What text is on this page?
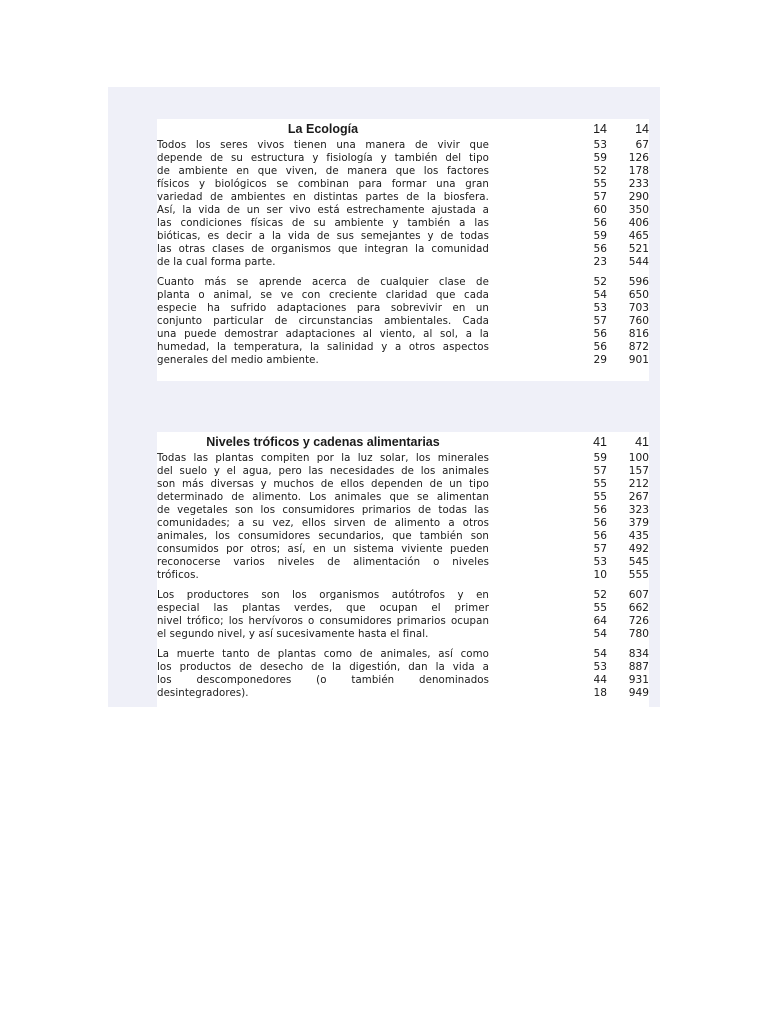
La Ecología	14	14
Todos los seres vivos tienen una manera de vivir que	53	67
depende de su estructura y fisiología y también del tipo	59	126
de ambiente en que viven, de manera que los factores	52	178
físicos y biológicos se combinan para formar una gran	55	233
variedad de ambientes en distintas partes de la biosfera.	57	290
Así, la vida de un ser vivo está estrechamente ajustada a	60	350
las condiciones físicas de su ambiente y también a las	56	406
bióticas, es decir a la vida de sus semejantes y de todas	59	465
las otras clases de organismos que integran la comunidad	56	521
de la cual forma parte.	23	544
Cuanto más se aprende acerca de cualquier clase de	52	596
planta o animal, se ve con creciente claridad que cada	54	650
especie ha sufrido adaptaciones para sobrevivir en un	53	703
conjunto particular de circunstancias ambientales. Cada	57	760
una puede demostrar adaptaciones al viento, al sol, a la	56	816
humedad, la temperatura, la salinidad y a otros aspectos	56	872
generales del medio ambiente.	29	901
Niveles tróficos y cadenas alimentarias	41	41
Todas las plantas compiten por la luz solar, los minerales	59	100
del suelo y el agua, pero las necesidades de los animales	57	157
son más diversas y muchos de ellos dependen de un tipo	55	212
determinado de alimento. Los animales que se alimentan	55	267
de vegetales son los consumidores primarios de todas las	56	323
comunidades; a su vez, ellos sirven de alimento a otros	56	379
animales, los consumidores secundarios, que también son	56	435
consumidos por otros; así, en un sistema viviente pueden	57	492
reconocerse varios niveles de alimentación o niveles	53	545
tróficos.	10	555
Los productores son los organismos autótrofos y en	52	607
especial las plantas verdes, que ocupan el primer	55	662
nivel trófico; los hervívoros o consumidores primarios ocupan	64	726
el segundo nivel, y así sucesivamente hasta el final.	54	780
La muerte tanto de plantas como de animales, así como	54	834
los productos de desecho de la digestión, dan la vida a	53	887
los descomponedores (o también denominados	44	931
desintegradores).	18	949
